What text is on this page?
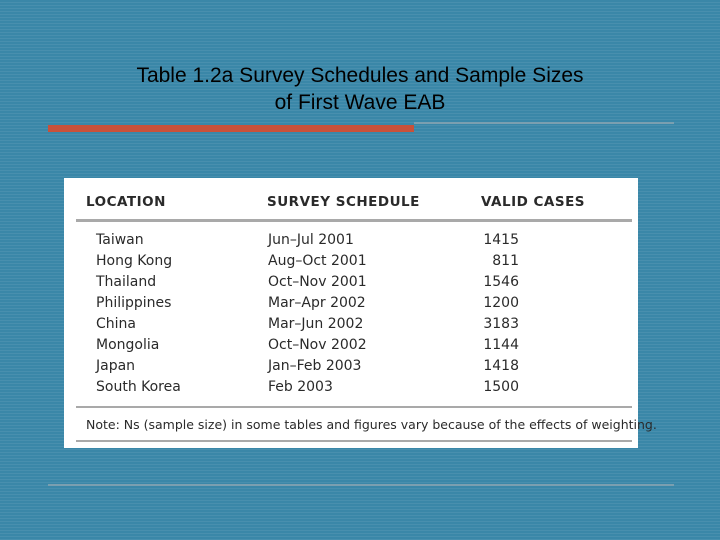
Table 1.2a Survey Schedules and Sample Sizes
of First Wave EAB
LOCATION	SURVEY SCHEDULE	VALID CASES
Taiwan	Jun–Jul 2001	1415
Hong Kong	Aug–Oct 2001	811
Thailand	Oct–Nov 2001	1546
Philippines	Mar–Apr 2002	1200
China	Mar–Jun 2002	3183
Mongolia	Oct–Nov 2002	1144
Japan	Jan–Feb 2003	1418
South Korea	Feb 2003	1500
Note: Ns (sample size) in some tables and figures vary because of the effects of weighting.
